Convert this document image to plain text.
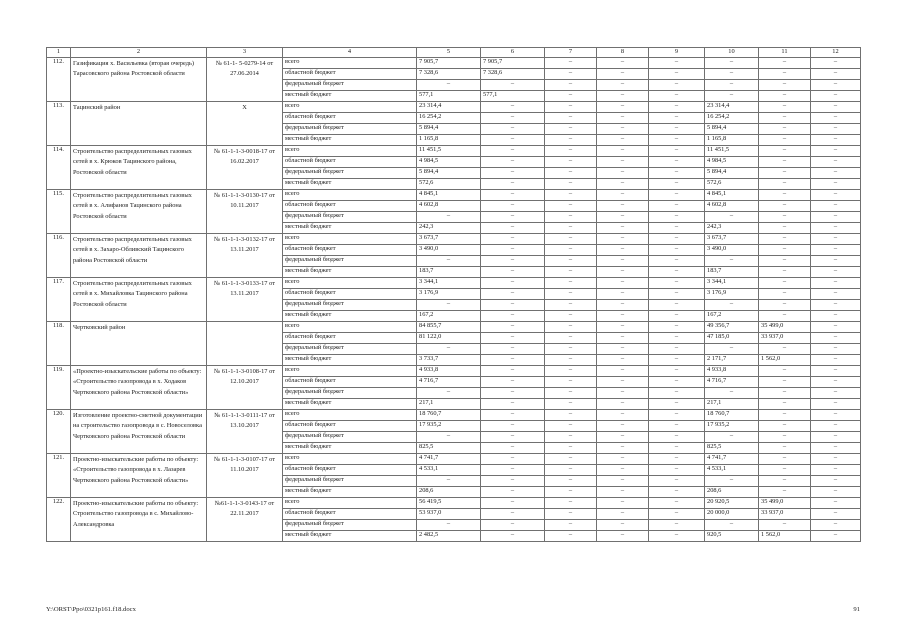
1	2	3	4	5	6	7	8	9	10	11	12
112.	Газификация х. Васильевка (вторая очередь) Тарасовского района Ростовской области	№ 61-1- 5-0279-14 от 27.06.2014	всего	7 905,7	7 905,7	–	–	–	–	–	–
			областной бюджет	7 328,6	7 328,6	–	–	–	–	–	–
			федеральный бюджет	–	–	–	–	–	–	–	–
			местный бюджет	577,1	577,1	–	–	–	–	–	–
113.	Тацинский район	Х	всего	23 314,4	–	–	–	–	23 314,4	–	–
			областной бюджет	16 254,2	–	–	–	–	16 254,2	–	–
			федеральный бюджет	5 894,4	–	–	–	–	5 894,4	–	–
			местный бюджет	1 165,8	–	–	–	–	1 165,8	–	–
114.	Строительство распределительных газовых сетей в х. Крюков Тацинского района, Ростовской области	№ 61-1-1-3-0018-17 от 16.02.2017	всего	11 451,5	–	–	–	–	11 451,5	–	–
			областной бюджет	4 984,5	–	–	–	–	4 984,5	–	–
			федеральный бюджет	5 894,4	–	–	–	–	5 894,4	–	–
			местный бюджет	572,6	–	–	–	–	572,6	–	–
115.	Строительство распределительных газовых сетей в х. Алифанов Тацинского района Ростовской области	№ 61-1-1-3-0130-17 от 10.11.2017	всего	4 845,1	–	–	–	–	4 845,1	–	–
			областной бюджет	4 602,8	–	–	–	–	4 602,8	–	–
			федеральный бюджет	–	–	–	–	–	–	–	–
			местный бюджет	242,3	–	–	–	–	242,3	–	–
116.	Строительство распределительных газовых сетей в х. Захаро-Обливский Тацинского района Ростовской области	№ 61-1-1-3-0132-17 от 13.11.2017	всего	3 673,7	–	–	–	–	3 673,7	–	–
			областной бюджет	3 490,0	–	–	–	–	3 490,0	–	–
			федеральный бюджет	–	–	–	–	–	–	–	–
			местный бюджет	183,7	–	–	–	–	183,7	–	–
117.	Строительство распределительных газовых сетей в х. Михайловка Тацинского района Ростовской области	№ 61-1-1-3-0133-17 от 13.11.2017	всего	3 344,1	–	–	–	–	3 344,1	–	–
			областной бюджет	3 176,9	–	–	–	–	3 176,9	–	–
			федеральный бюджет	–	–	–	–	–	–	–	–
			местный бюджет	167,2	–	–	–	–	167,2	–	–
118.	Чертковский район		всего	84 855,7	–	–	–	–	49 356,7	35 499,0	–
			областной бюджет	81 122,0	–	–	–	–	47 185,0	33 937,0	–
			федеральный бюджет	–	–	–	–	–	–	–	–
			местный бюджет	3 733,7	–	–	–	–	2 171,7	1 562,0	–
119.	«Проектно-изыскательские работы по объекту: «Строительство газопровода в х. Ходаков Чертковского района Ростовской области»	№ 61-1-1-3-0108-17 от 12.10.2017	всего	4 933,8	–	–	–	–	4 933,8	–	–
			областной бюджет	4 716,7	–	–	–	–	4 716,7	–	–
			федеральный бюджет	–	–	–	–	–	–	–	–
			местный бюджет	217,1	–	–	–	–	217,1	–	–
120.	Изготовление проектно-сметной документации на строительство газопровода в с. Новоселовка Чертковского района Ростовской области	№ 61-1-1-3-0111-17 от 13.10.2017	всего	18 760,7	–	–	–	–	18 760,7	–	–
			областной бюджет	17 935,2	–	–	–	–	17 935,2	–	–
			федеральный бюджет	–	–	–	–	–	–	–	–
			местный бюджет	825,5	–	–	–	–	825,5	–	–
121.	Проектно-изыскательские работы по объекту: «Строительство газопровода в х. Лазарев Чертковского района Ростовской области»	№ 61-1-1-3-0107-17 от 11.10.2017	всего	4 741,7	–	–	–	–	4 741,7	–	–
			областной бюджет	4 533,1	–	–	–	–	4 533,1	–	–
			федеральный бюджет	–	–	–	–	–	–	–	–
			местный бюджет	208,6	–	–	–	–	208,6	–	–
122.	Проектно-изыскательские работы по объекту: Строительство газопровода в с. Михайлово-Александровка	№61-1-1-3-0143-17 от 22.11.2017	всего	56 419,5	–	–	–	–	20 920,5	35 499,0	–
			областной бюджет	53 937,0	–	–	–	–	20 000,0	33 937,0	–
			федеральный бюджет	–	–	–	–	–	–	–	–
			местный бюджет	2 482,5	–	–	–	–	920,5	1 562,0	–
Y:\ORST\Ppo\0321p161.f18.docx	91
